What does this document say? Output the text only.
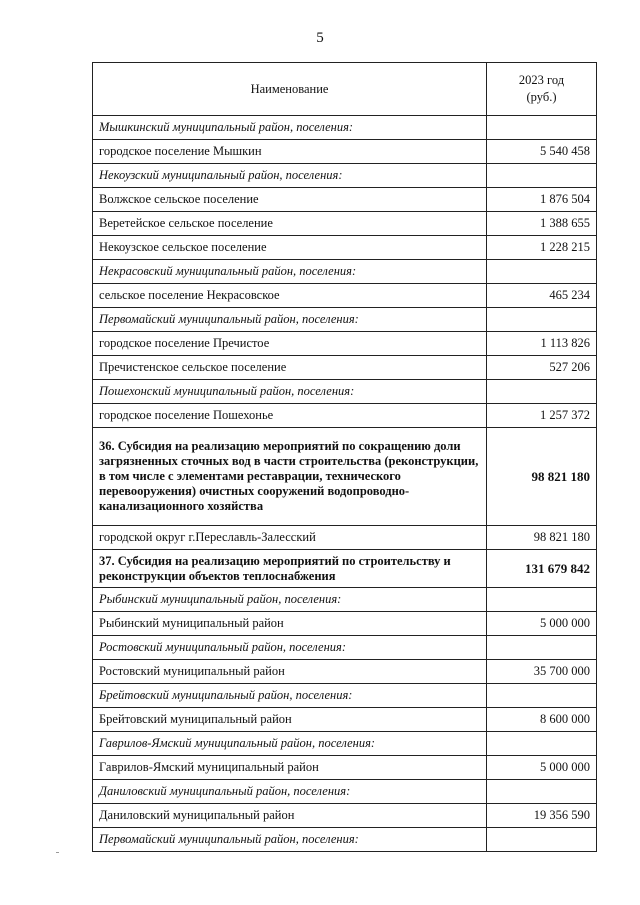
5
Наименование	2023 год
(руб.)

Мышкинский муниципальный район, поселения:	
городское поселение Мышкин	5 540 458
Некоузский муниципальный район, поселения:	
Волжское сельское поселение	1 876 504
Веретейское сельское поселение	1 388 655
Некоузское сельское поселение	1 228 215
Некрасовский муниципальный район, поселения:	
сельское поселение Некрасовское	465 234
Первомайский муниципальный район, поселения:	
городское поселение Пречистое	1 113 826
Пречистенское сельское поселение	527 206
Пошехонский муниципальный район, поселения:	
городское поселение Пошехонье	1 257 372
36. Субсидия на реализацию мероприятий по сокращению доли загрязненных сточных вод в части строительства (реконструкции, в том числе с элементами реставрации, технического перевооружения) очистных сооружений водопроводно-канализационного хозяйства	98 821 180
городской округ г.Переславль-Залесский	98 821 180
37. Субсидия на реализацию мероприятий по строительству и реконструкции объектов теплоснабжения	131 679 842
Рыбинский муниципальный район, поселения:	
Рыбинский муниципальный район	5 000 000
Ростовский муниципальный район, поселения:	
Ростовский муниципальный район	35 700 000
Брейтовский муниципальный район, поселения:	
Брейтовский муниципальный район	8 600 000
Гаврилов-Ямский муниципальный район, поселения:	
Гаврилов-Ямский муниципальный район	5 000 000
Даниловский муниципальный район, поселения:	
Даниловский муниципальный район	19 356 590
Первомайский муниципальный район, поселения:	
